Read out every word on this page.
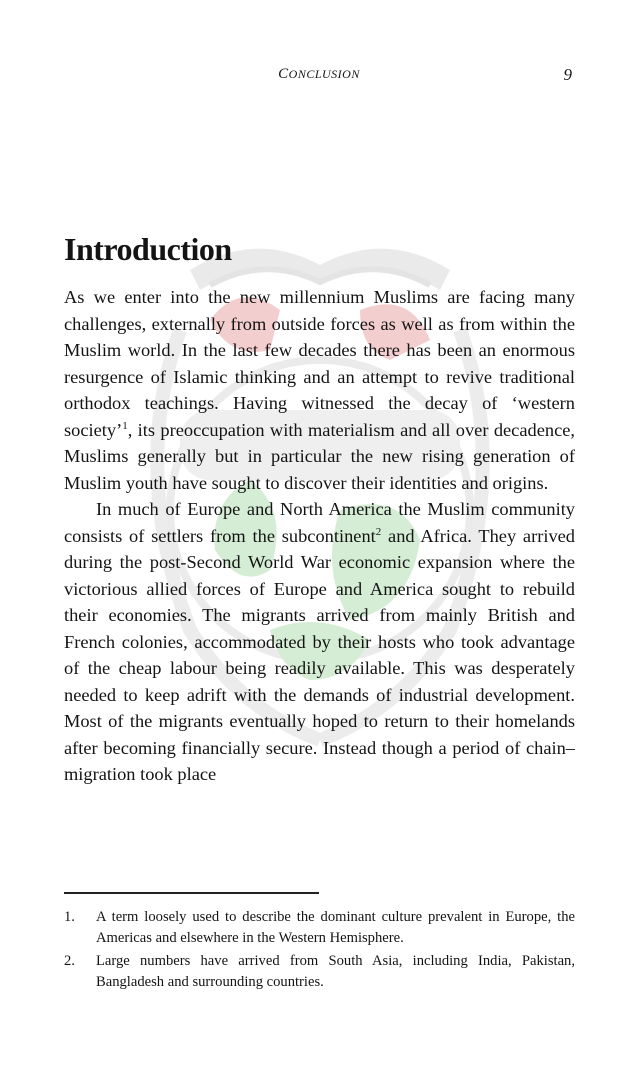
CONCLUSION	9
Introduction

As we enter into the new millennium Muslims are facing many challenges, externally from outside forces as well as from within the Muslim world. In the last few decades there has been an enormous resurgence of Islamic thinking and an attempt to revive traditional orthodox teachings. Having witnessed the decay of ‘western society’$^1$, its preoccupation with materialism and all over decadence, Muslims generally but in particular the new rising generation of Muslim youth have sought to discover their identities and origins.

In much of Europe and North America the Muslim community consists of settlers from the subcontinent$^2$ and Africa. They arrived during the post-Second World War economic expansion where the victorious allied forces of Europe and America sought to rebuild their economies. The migrants arrived from mainly British and French colonies, accommodated by their hosts who took advantage of the cheap labour being readily available. This was desperately needed to keep adrift with the demands of industrial development. Most of the migrants eventually hoped to return to their homelands after becoming financially secure. Instead though a period of chain–migration took place

1.	A term loosely used to describe the dominant culture prevalent in Europe, the Americas and elsewhere in the Western Hemisphere.
2.	Large numbers have arrived from South Asia, including India, Pakistan, Bangladesh and surrounding countries.
